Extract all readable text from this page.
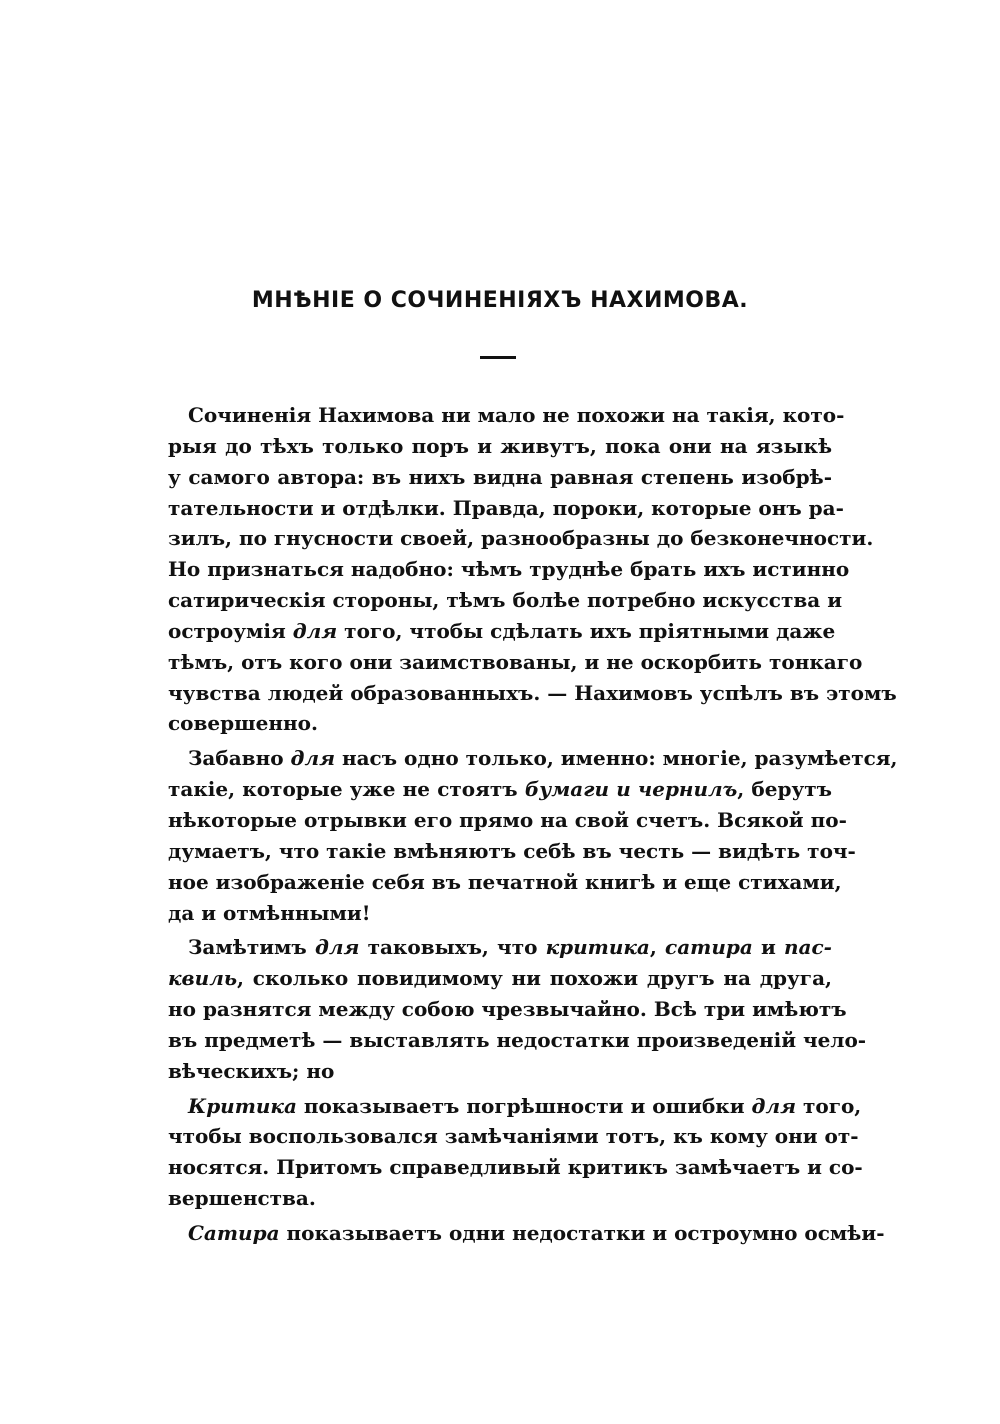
МНѢНІЕ О СОЧИНЕНІЯХЪ НАХИМОВА.
Сочиненія Нахимова ни мало не похожи на такія, кото-
рыя до тѣхъ только поръ и живутъ, пока они на языкѣ
у самого автора: въ нихъ видна равная степень изобрѣ-
тательности и отдѣлки. Правда, пороки, которые онъ ра-
зилъ, по гнусности своей, разнообразны до безконечности.
Но признаться надобно: чѣмъ труднѣе брать ихъ истинно
сатирическія стороны, тѣмъ болѣе потребно искусства и
остроумія для того, чтобы сдѣлать ихъ пріятными даже
тѣмъ, отъ кого они заимствованы, и не оскорбить тонкаго
чувства людей образованныхъ. — Нахимовъ успѣлъ въ этомъ
совершенно.
Забавно для насъ одно только, именно: многіе, разумѣется,
такіе, которые уже не стоятъ бумаги и чернилъ, берутъ
нѣкоторые отрывки его прямо на свой счетъ. Всякой по-
думаетъ, что такіе вмѣняютъ себѣ въ честь — видѣть точ-
ное изображеніе себя въ печатной книгѣ и еще стихами,
да и отмѣнными!
Замѣтимъ для таковыхъ, что критика, сатира и пас-
квиль, сколько повидимому ни похожи другъ на друга,
но разнятся между собою чрезвычайно. Всѣ три имѣютъ
въ предметѣ — выставлять недостатки произведеній чело-
вѣческихъ; но
Критика показываетъ погрѣшности и ошибки для того,
чтобы воспользовался замѣчаніями тотъ, къ кому они от-
носятся. Притомъ справедливый критикъ замѣчаетъ и со-
вершенства.
Сатира показываетъ одни недостатки и остроумно осмѣи-
